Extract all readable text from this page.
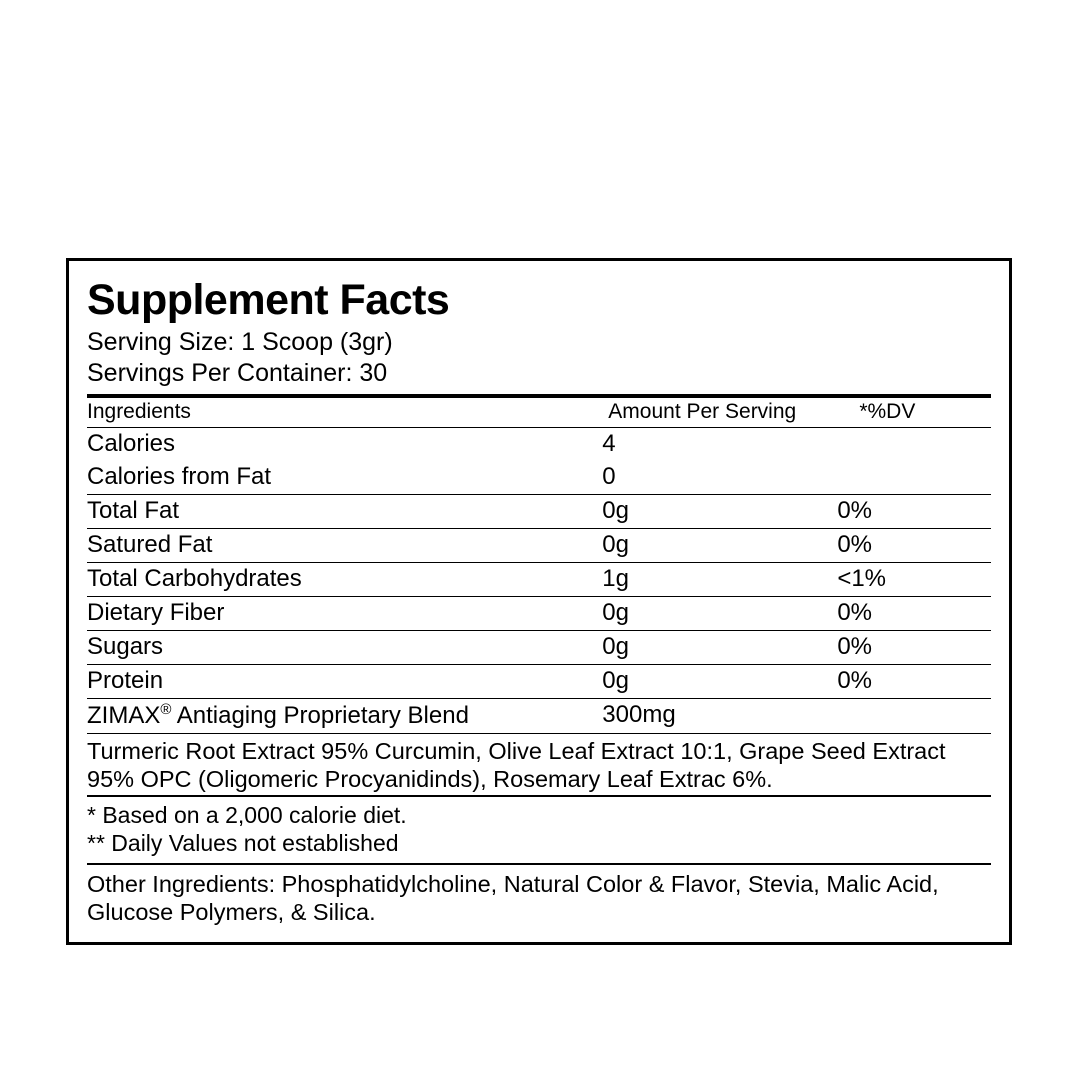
Supplement Facts
Serving Size: 1 Scoop (3gr)
Servings Per Container: 30
Ingredients	Amount Per Serving	*%DV
Calories	4	
Calories from Fat	0	
Total Fat	0g	0%
Satured Fat	0g	0%
Total Carbohydrates	1g	<1%
Dietary Fiber	0g	0%
Sugars	0g	0%
Protein	0g	0%
ZIMAX® Antiaging Proprietary Blend	300mg	
Turmeric Root Extract 95% Curcumin, Olive Leaf Extract 10:1, Grape Seed Extract 95% OPC (Oligomeric Procyanidinds), Rosemary Leaf Extrac 6%.
* Based on a 2,000 calorie diet.
** Daily Values not established
Other Ingredients: Phosphatidylcholine, Natural Color & Flavor, Stevia, Malic Acid, Glucose Polymers, & Silica.
